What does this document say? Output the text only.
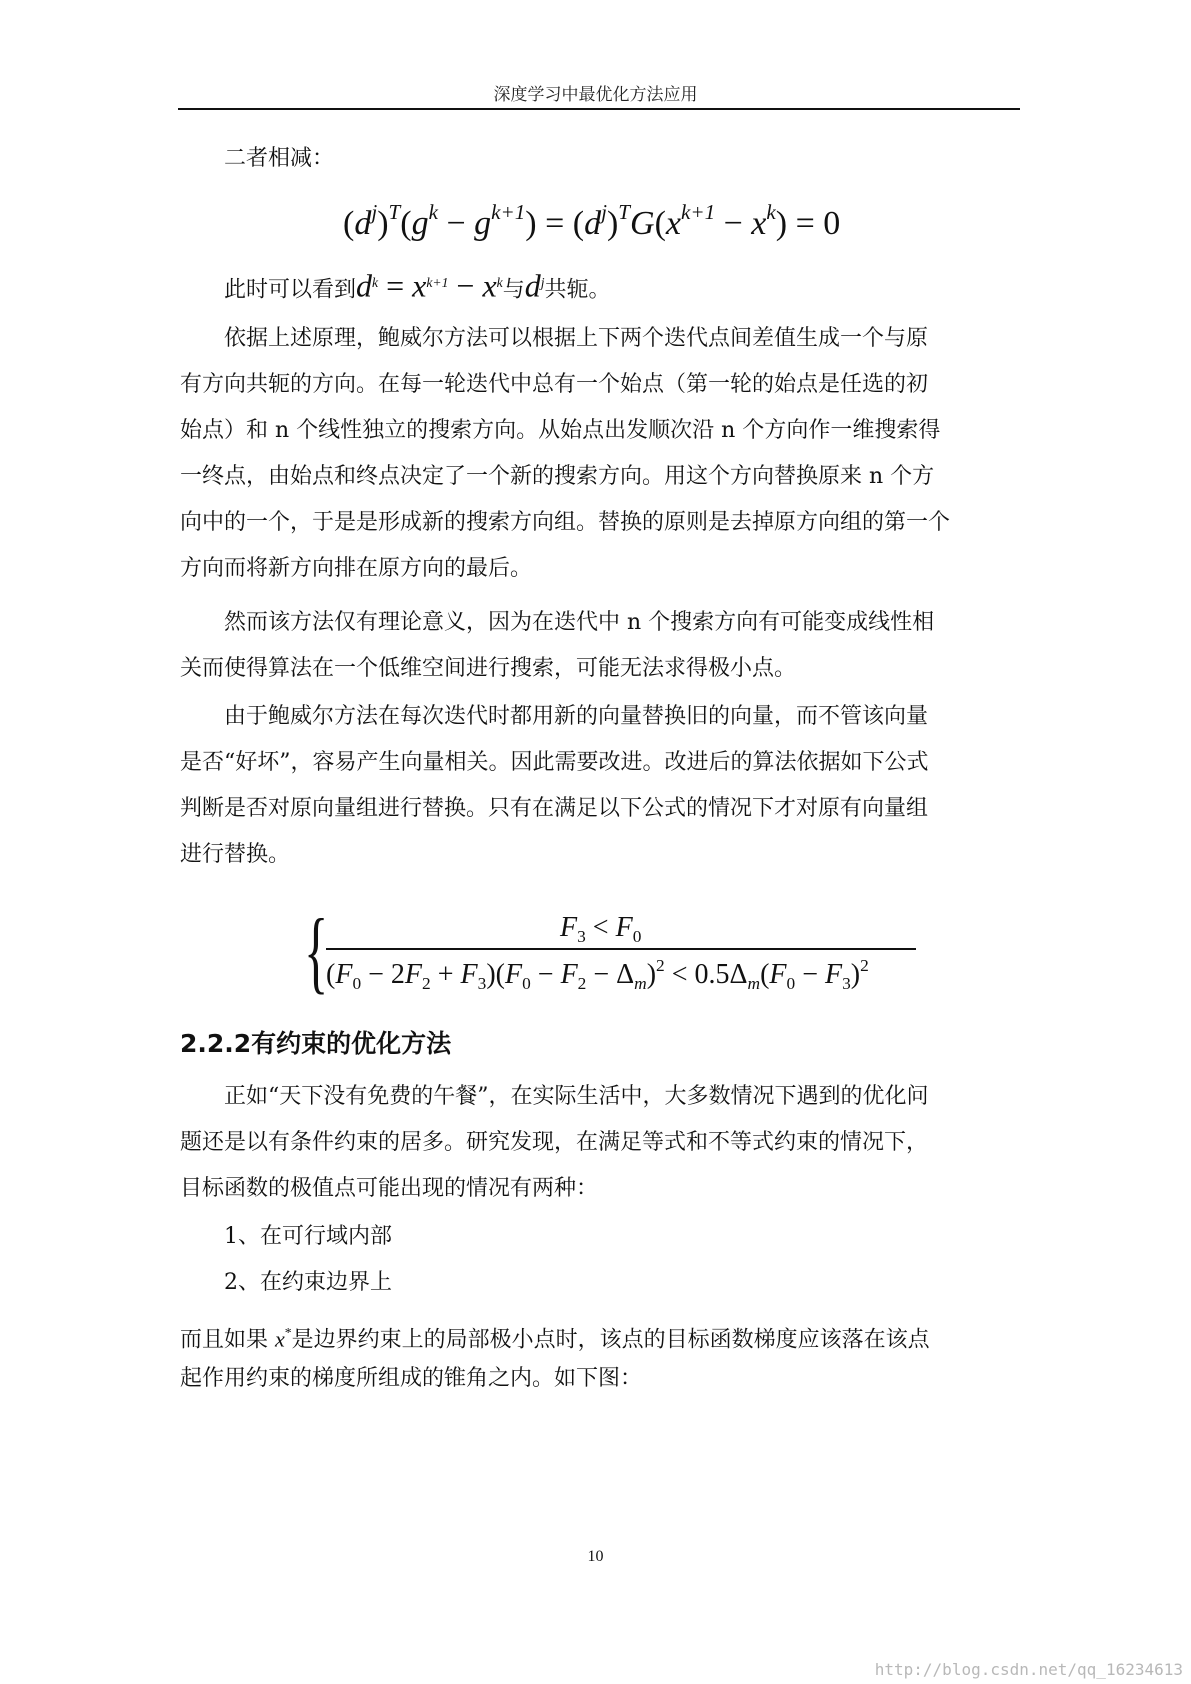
深度学习中最优化方法应用
二者相减：
$(d^j)^T(g^k - g^{k+1}) = (d^j)^TG(x^{k+1} - x^k) = 0$
此时可以看到$d^k = x^{k+1} - x^k$与$d^j$共轭。
依据上述原理，鲍威尔方法可以根据上下两个迭代点间差值生成一个与原
有方向共轭的方向。在每一轮迭代中总有一个始点（第一轮的始点是任选的初
始点）和 n 个线性独立的搜索方向。从始点出发顺次沿 n 个方向作一维搜索得
一终点，由始点和终点决定了一个新的搜索方向。用这个方向替换原来 n 个方
向中的一个，于是是形成新的搜索方向组。替换的原则是去掉原方向组的第一个
方向而将新方向排在原方向的最后。
然而该方法仅有理论意义，因为在迭代中 n 个搜索方向有可能变成线性相
关而使得算法在一个低维空间进行搜索，可能无法求得极小点。
由于鲍威尔方法在每次迭代时都用新的向量替换旧的向量，而不管该向量
是否“好坏”，容易产生向量相关。因此需要改进。改进后的算法依据如下公式
判断是否对原向量组进行替换。只有在满足以下公式的情况下才对原有向量组
进行替换。
{	$F_3 < F_0$
$(F_0 - 2F_2 + F_3)(F_0 - F_2 - \Delta_m)^2 < 0.5\Delta_m(F_0 - F_3)^2$
2.2.2有约束的优化方法
正如“天下没有免费的午餐”，在实际生活中，大多数情况下遇到的优化问
题还是以有条件约束的居多。研究发现，在满足等式和不等式约束的情况下，
目标函数的极值点可能出现的情况有两种：
1、在可行域内部
2、在约束边界上
而且如果 x*是边界约束上的局部极小点时，该点的目标函数梯度应该落在该点
起作用约束的梯度所组成的锥角之内。如下图：
10
http://blog.csdn.net/qq_16234613
